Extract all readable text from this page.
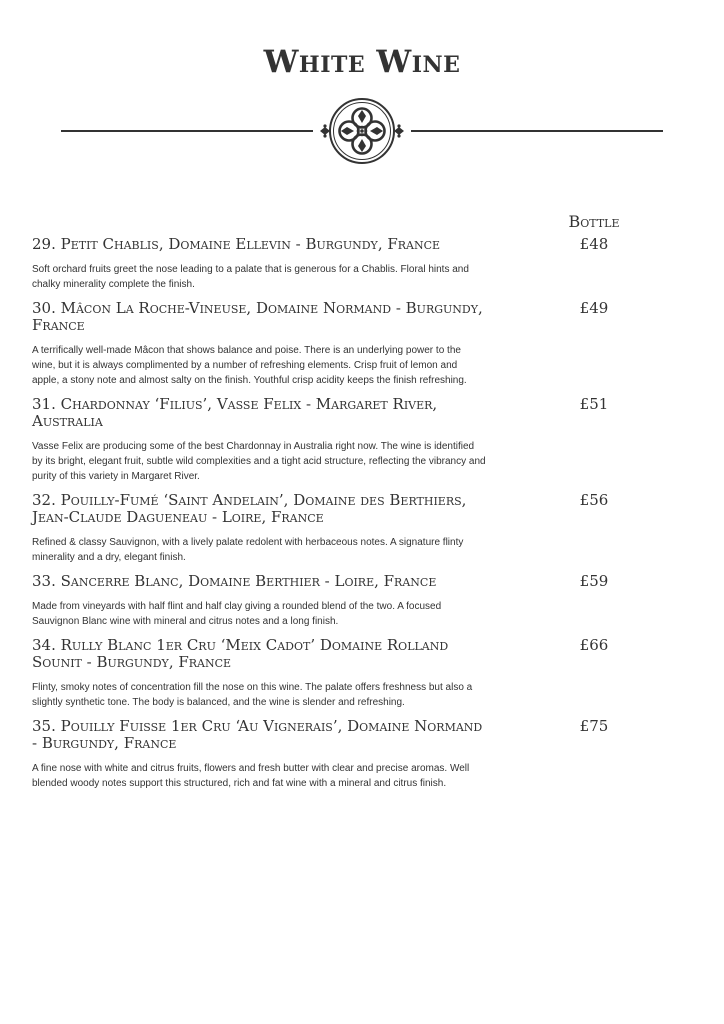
White Wine
Bottle
29. Petit Chablis, Domaine Ellevin - Burgundy, France	£48
Soft orchard fruits greet the nose leading to a palate that is generous for a Chablis. Floral hints and chalky minerality complete the finish.
30. Mâcon La Roche-Vineuse, Domaine Normand - Burgundy, France
£49
A terrifically well-made Mâcon that shows balance and poise. There is an underlying power to the wine, but it is always complimented by a number of refreshing elements. Crisp fruit of lemon and apple, a stony note and almost salty on the finish. Youthful crisp acidity keeps the finish refreshing.
31. Chardonnay ‘Filius’, Vasse Felix - Margaret River, Australia
£51
Vasse Felix are producing some of the best Chardonnay in Australia right now. The wine is identified by its bright, elegant fruit, subtle wild complexities and a tight acid structure, reflecting the vibrancy and purity of this variety in Margaret River.
32. Pouilly-Fumé ‘Saint Andelain’, Domaine des Berthiers, Jean-Claude Dagueneau - Loire, France
£56
Refined & classy Sauvignon, with a lively palate redolent with herbaceous notes. A signature flinty minerality and a dry, elegant finish.
33. Sancerre Blanc, Domaine Berthier - Loire, France	£59
Made from vineyards with half flint and half clay giving a rounded blend of the two. A focused Sauvignon Blanc wine with mineral and citrus notes and a long finish.
34. Rully Blanc 1er Cru ‘Meix Cadot’ Domaine Rolland Sounit - Burgundy, France
£66
Flinty, smoky notes of concentration fill the nose on this wine. The palate offers freshness but also a slightly synthetic tone. The body is balanced, and the wine is slender and refreshing.
35. Pouilly Fuisse 1er Cru ‘Au Vignerais’, Domaine Normand - Burgundy, France
£75
A fine nose with white and citrus fruits, flowers and fresh butter with clear and precise aromas. Well blended woody notes support this structured, rich and fat wine with a mineral and citrus finish.
